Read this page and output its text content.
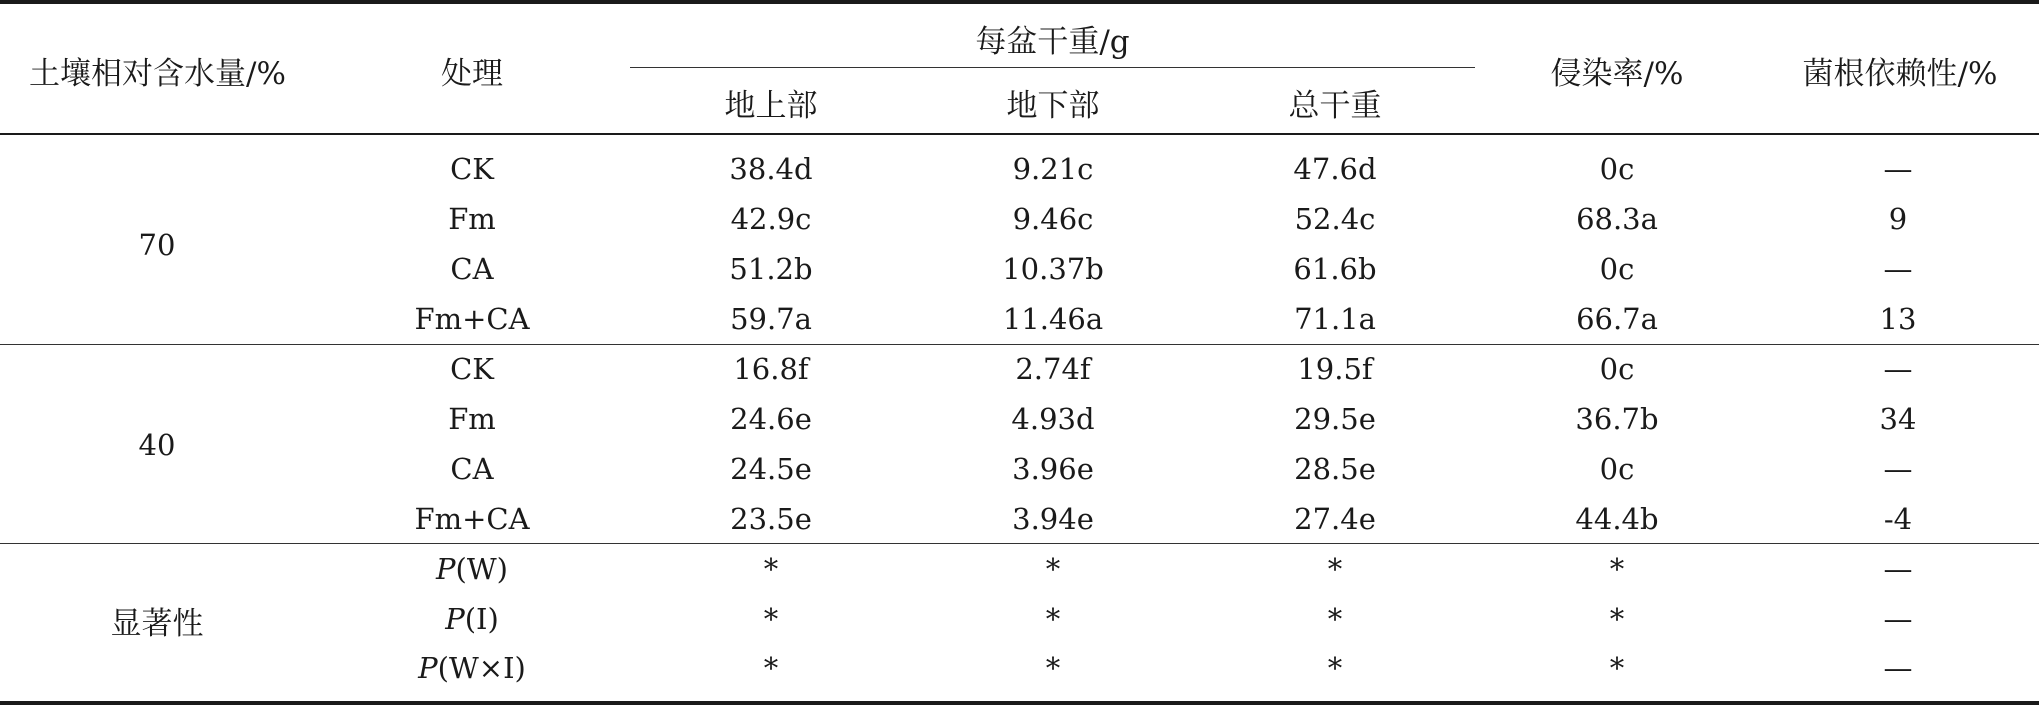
土壤相对含水量/%	处理
每盆干重/g
地上部	地下部	总干重
侵染率/%	菌根依赖性/%
70
CK	38.4d	9.21c	47.6d	0c	—
Fm	42.9c	9.46c	52.4c	68.3a	9
CA	51.2b	10.37b	61.6b	0c	—
Fm+CA	59.7a	11.46a	71.1a	66.7a	13
40
CK	16.8f	2.74f	19.5f	0c	—
Fm	24.6e	4.93d	29.5e	36.7b	34
CA	24.5e	3.96e	28.5e	0c	—
Fm+CA	23.5e	3.94e	27.4e	44.4b	-4
显著性
P(W)	*	*	*	*	—
P(I)	*	*	*	*	—
P(W×I)	*	*	*	*	—
